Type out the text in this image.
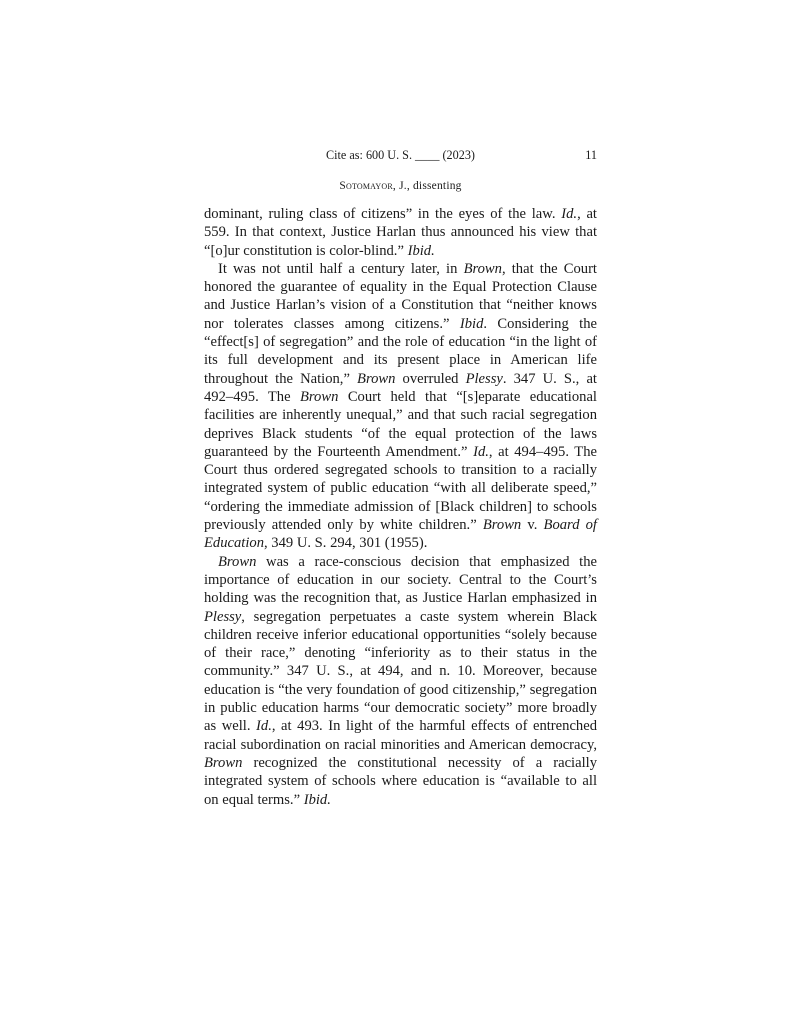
Cite as: 600 U. S. ____ (2023)	11
Sotomayor, J., dissenting

dominant, ruling class of citizens” in the eyes of the law. Id., at 559. In that context, Justice Harlan thus announced his view that “[o]ur constitution is color-blind.” Ibid.

It was not until half a century later, in Brown, that the Court honored the guarantee of equality in the Equal Protection Clause and Justice Harlan’s vision of a Constitution that “neither knows nor tolerates classes among citizens.” Ibid. Considering the “effect[s] of segregation” and the role of education “in the light of its full development and its present place in American life throughout the Nation,” Brown overruled Plessy. 347 U. S., at 492–495. The Brown Court held that “[s]eparate educational facilities are inherently unequal,” and that such racial segregation deprives Black students “of the equal protection of the laws guaranteed by the Fourteenth Amendment.” Id., at 494–495. The Court thus ordered segregated schools to transition to a racially integrated system of public education “with all deliberate speed,” “ordering the immediate admission of [Black children] to schools previously attended only by white children.” Brown v. Board of Education, 349 U. S. 294, 301 (1955).

Brown was a race-conscious decision that emphasized the importance of education in our society. Central to the Court’s holding was the recognition that, as Justice Harlan emphasized in Plessy, segregation perpetuates a caste system wherein Black children receive inferior educational opportunities “solely because of their race,” denoting “inferiority as to their status in the community.” 347 U. S., at 494, and n. 10. Moreover, because education is “the very foundation of good citizenship,” segregation in public education harms “our democratic society” more broadly as well. Id., at 493. In light of the harmful effects of entrenched racial subordination on racial minorities and American democracy, Brown recognized the constitutional necessity of a racially integrated system of schools where education is “available to all on equal terms.” Ibid.
